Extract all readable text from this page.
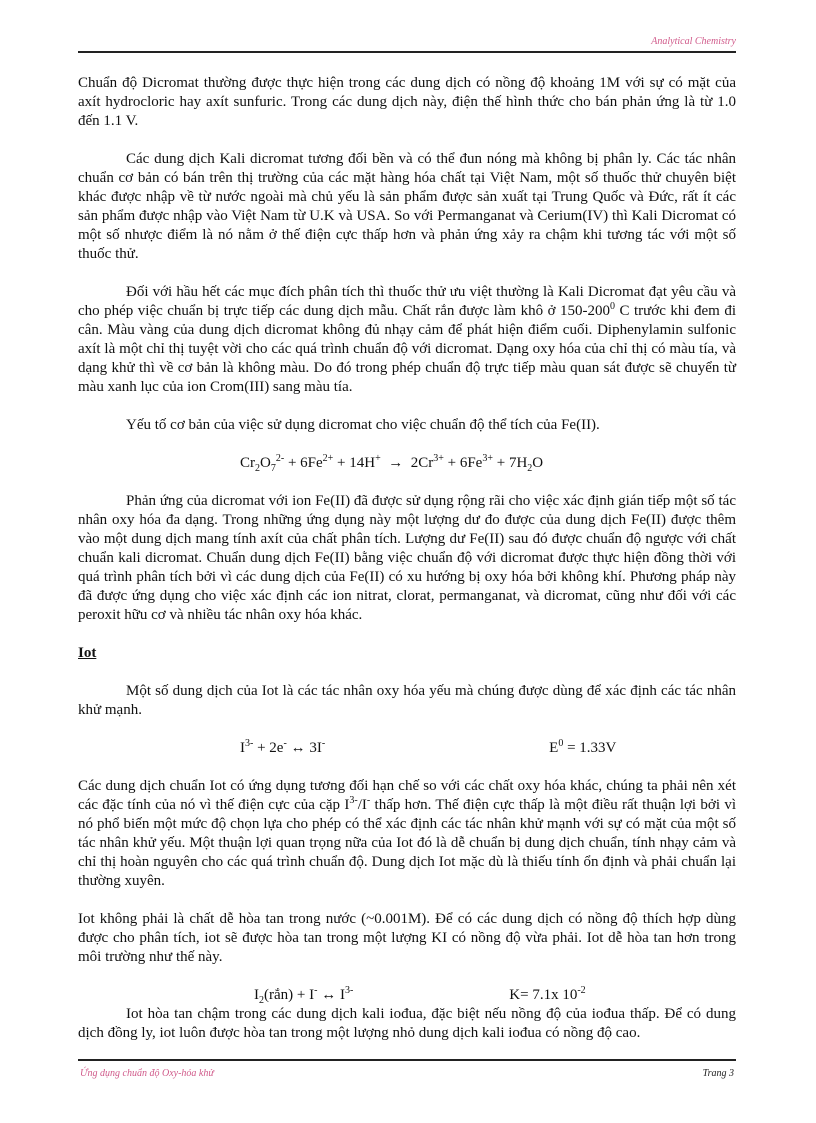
Analytical Chemistry

Chuẩn độ Dicromat thường được thực hiện trong các dung dịch có nồng độ khoảng 1M với sự có mặt của axít hydrocloric hay axít sunfuric. Trong các dung dịch này, điện thế hình thức cho bán phản ứng là từ 1.0 đến 1.1 V.

Các dung dịch Kali dicromat tương đối bền và có thể đun nóng mà không bị phân ly. Các tác nhân chuẩn cơ bản có bán trên thị trường của các mặt hàng hóa chất tại Việt Nam, một số thuốc thử chuyên biệt khác được nhập về từ nước ngoài mà chủ yếu là sản phẩm được sản xuất tại Trung Quốc và Đức, rất ít các sản phẩm được nhập vào Việt Nam từ U.K và USA. So với Permanganat và Cerium(IV) thì Kali Dicromat có một số nhược điểm là nó nằm ở thế điện cực thấp hơn và phản ứng xảy ra chậm khi tương tác với một số thuốc thử.

Đối với hầu hết các mục đích phân tích thì thuốc thử ưu việt thường là Kali Dicromat đạt yêu cầu và cho phép việc chuẩn bị trực tiếp các dung dịch mẫu. Chất rắn được làm khô ở $150-200^0$ C trước khi đem đi cân. Màu vàng của dung dịch dicromat không đủ nhạy cảm để phát hiện điểm cuối. Diphenylamin sulfonic axít là một chỉ thị tuyệt vời cho các quá trình chuẩn độ với dicromat. Dạng oxy hóa của chỉ thị có màu tía, và dạng khử thì về cơ bản là không màu. Do đó trong phép chuẩn độ trực tiếp màu quan sát được sẽ chuyển từ màu xanh lục của ion Crom(III) sang màu tía.

Yếu tố cơ bản của việc sử dụng dicromat cho việc chuẩn độ thể tích của Fe(II).

$Cr_2O_7^{2-} + 6Fe^{2+} + 14H^+ \to 2Cr^{3+} + 6Fe^{3+} + 7H_2O$

Phản ứng của dicromat với ion Fe(II) đã được sử dụng rộng rãi cho việc xác định gián tiếp một số tác nhân oxy hóa đa dạng. Trong những ứng dụng này một lượng dư đo được của dung dịch Fe(II) được thêm vào một dung dịch mang tính axít của chất phân tích. Lượng dư Fe(II) sau đó được chuẩn độ ngược với chất chuẩn kali dicromat. Chuẩn dung dịch Fe(II) bằng việc chuẩn độ với dicromat được thực hiện đồng thời với quá trình phân tích bởi vì các dung dịch của Fe(II) có xu hướng bị oxy hóa bởi không khí. Phương pháp này đã được ứng dụng cho việc xác định các ion nitrat, clorat, permanganat, và dicromat, cũng như đối với các peroxit hữu cơ và nhiều tác nhân oxy hóa khác.

Iot

Một số dung dịch của Iot là các tác nhân oxy hóa yếu mà chúng được dùng để xác định các tác nhân khử mạnh.

$I^{3-} + 2e^-$ ↔ 3I-	$E^0 = 1.33V$

Các dung dịch chuẩn Iot có ứng dụng tương đối hạn chế so với các chất oxy hóa khác, chúng ta phải nên xét các đặc tính của nó vì thế điện cực của cặp $I^{3-}/I^-$ thấp hơn. Thế điện cực thấp là một điều rất thuận lợi bởi vì nó phổ biến một mức độ chọn lựa cho phép có thể xác định các tác nhân khử mạnh với sự có mặt của một số tác nhân khử yếu. Một thuận lợi quan trọng nữa của Iot đó là dễ chuẩn bị dung dịch chuẩn, tính nhạy cảm và chỉ thị hoàn nguyên cho các quá trình chuẩn độ. Dung dịch Iot mặc dù là thiếu tính ổn định và phải chuẩn lại thường xuyên.

Iot không phải là chất dễ hòa tan trong nước (~0.001M). Để có các dung dịch có nồng độ thích hợp dùng được cho phân tích, iot sẽ được hòa tan trong một lượng KI có nồng độ vừa phải. Iot dễ hòa tan hơn trong môi trường như thế này.

$I_2(rắn) + I^-$ ↔ $I^{3-}$	K= 7.1x $10^{-2}$

Iot hòa tan chậm trong các dung dịch kali iođua, đặc biệt nếu nồng độ của iođua thấp. Để có dung dịch đồng ly, iot luôn được hòa tan trong một lượng nhỏ dung dịch kali iođua có nồng độ cao.

Ứng dụng chuẩn độ Oxy-hóa khử	Trang 3
